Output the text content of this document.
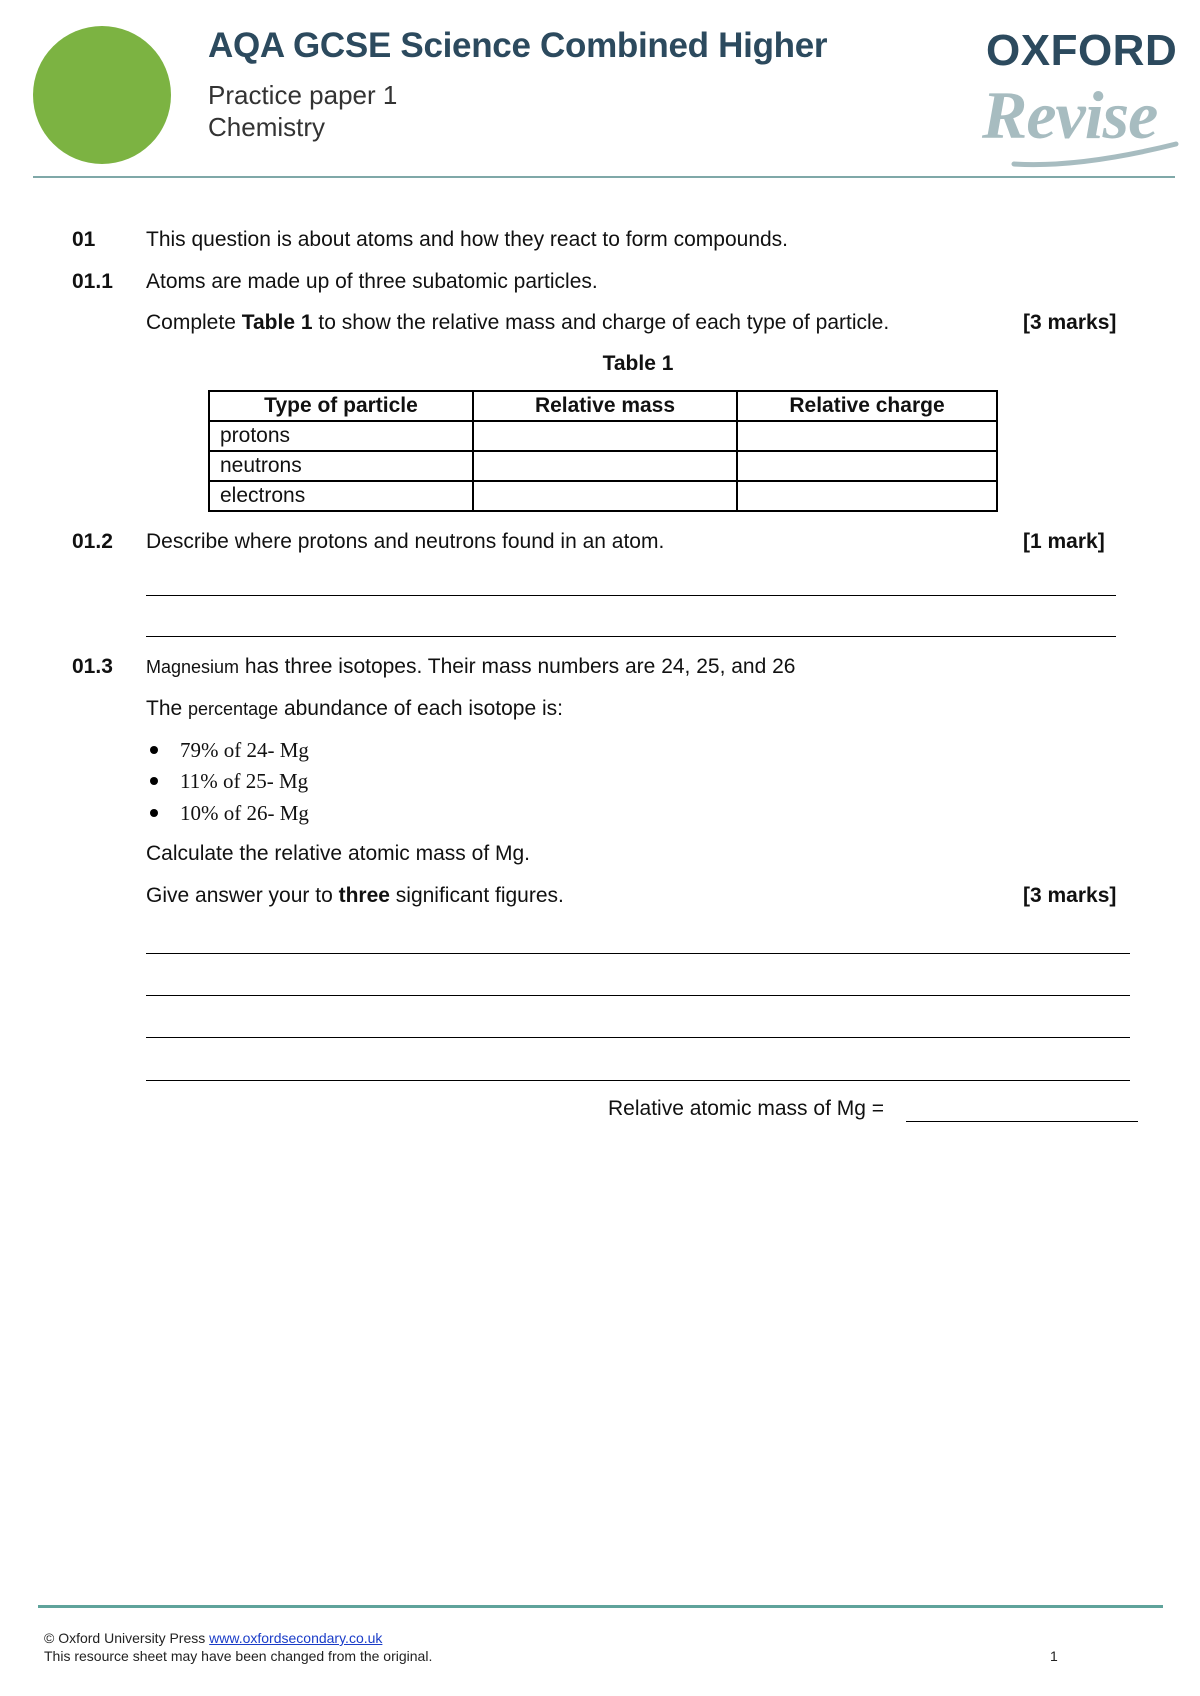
AQA GCSE Science Combined Higher
Practice paper 1
Chemistry
OXFORD
Revise
01 This question is about atoms and how they react to form compounds.
01.1 Atoms are made up of three subatomic particles.
Complete Table 1 to show the relative mass and charge of each type of particle.	[3 marks]
Table 1
Type of particle	Relative mass	Relative charge
protons		
neutrons		
electrons		
01.2 Describe where protons and neutrons found in an atom.	[1 mark]
01.3 Magnesium has three isotopes. Their mass numbers are 24, 25, and 26
The percentage abundance of each isotope is:
79% of 24- Mg
11% of 25- Mg
10% of 26- Mg
Calculate the relative atomic mass of Mg.
Give answer your to three significant figures.	[3 marks]
Relative atomic mass of Mg =
© Oxford University Press www.oxfordsecondary.co.uk
This resource sheet may have been changed from the original.	1
